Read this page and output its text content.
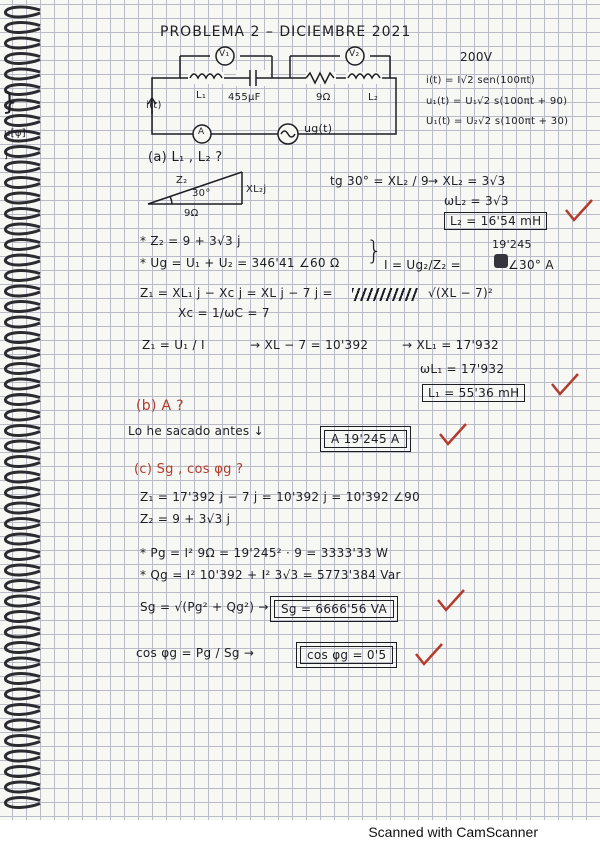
}
u[φ]
]
PROBLEMA 2 – DICIEMBRE 2021
V₁	V₂
L₁ 455μF	9Ω	L₂
i(t)
A	ug(t)
200V
i(t) = I√2 sen(100πt)
u₁(t) = U₁√2 s(100πt + 90)
U₁(t) = U₂√2 s(100πt + 30)
(a) L₁ , L₂ ?
Z₂
30°	XL₂j
9Ω
tg 30° = XL₂ / 9 → XL₂ = 3√3
ωL₂ = 3√3
L₂ = 16'54 mH
* Z₂ = 9 + 3√3 j
* Ug = U₁ + U₂ = 346'41 ∠60 Ω } I = Ug₂/Z₂ =
19'245
∠30° A
Z₁ = XL₁ j − Xc j = XL j − 7 j =	√(XL − 7)²
Xc = 1/ωC = 7
Z₁ = U₁ / I	→ XL − 7 = 10'392	→ XL₁ = 17'932
ωL₁ = 17'932
L₁ = 55'36 mH
(b) A ?
Lo he sacado antes ↓
A 19'245 A
(c) Sg , cos φg ?
Z₁ = 17'392 j − 7 j = 10'392 j = 10'392 ∠90
Z₂ = 9 + 3√3 j
* Pg = I² 9Ω = 19'245² · 9 = 3333'33 W
* Qg = I² 10'392 + I² 3√3 = 5773'384 Var
Sg = √(Pg² + Qg²) →	Sg = 6666'56 VA
cos φg = Pg / Sg →	cos φg = 0'5
Scanned with CamScanner
